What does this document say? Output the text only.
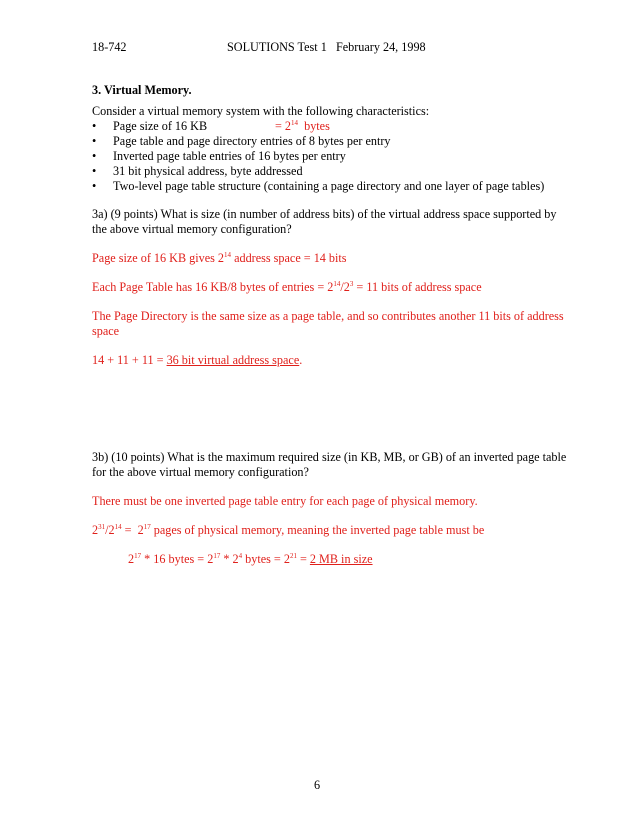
18-742	SOLUTIONS Test 1 February 24, 1998
3. Virtual Memory.
Consider a virtual memory system with the following characteristics:
• Page size of 16 KB	= $2^{14}$ bytes
• Page table and page directory entries of 8 bytes per entry
• Inverted page table entries of 16 bytes per entry
• 31 bit physical address, byte addressed
• Two-level page table structure (containing a page directory and one layer of page tables)
3a) (9 points) What is size (in number of address bits) of the virtual address space supported by
the above virtual memory configuration?
Page size of 16 KB gives $2^{14}$ address space = 14 bits
Each Page Table has 16 KB/8 bytes of entries = $2^{14}/2^3 = 11$ bits of address space
The Page Directory is the same size as a page table, and so contributes another 11 bits of address
space
14 + 11 + 11 = 36 bit virtual address space.
3b) (10 points) What is the maximum required size (in KB, MB, or GB) of an inverted page table
for the above virtual memory configuration?
There must be one inverted page table entry for each page of physical memory.
$2^{31}/2^{14} = 2^{17}$ pages of physical memory, meaning the inverted page table must be
$2^{17} * 16$ bytes = $2^{17} * 2^4$ bytes = $2^{21} = 2$ MB in size
6
